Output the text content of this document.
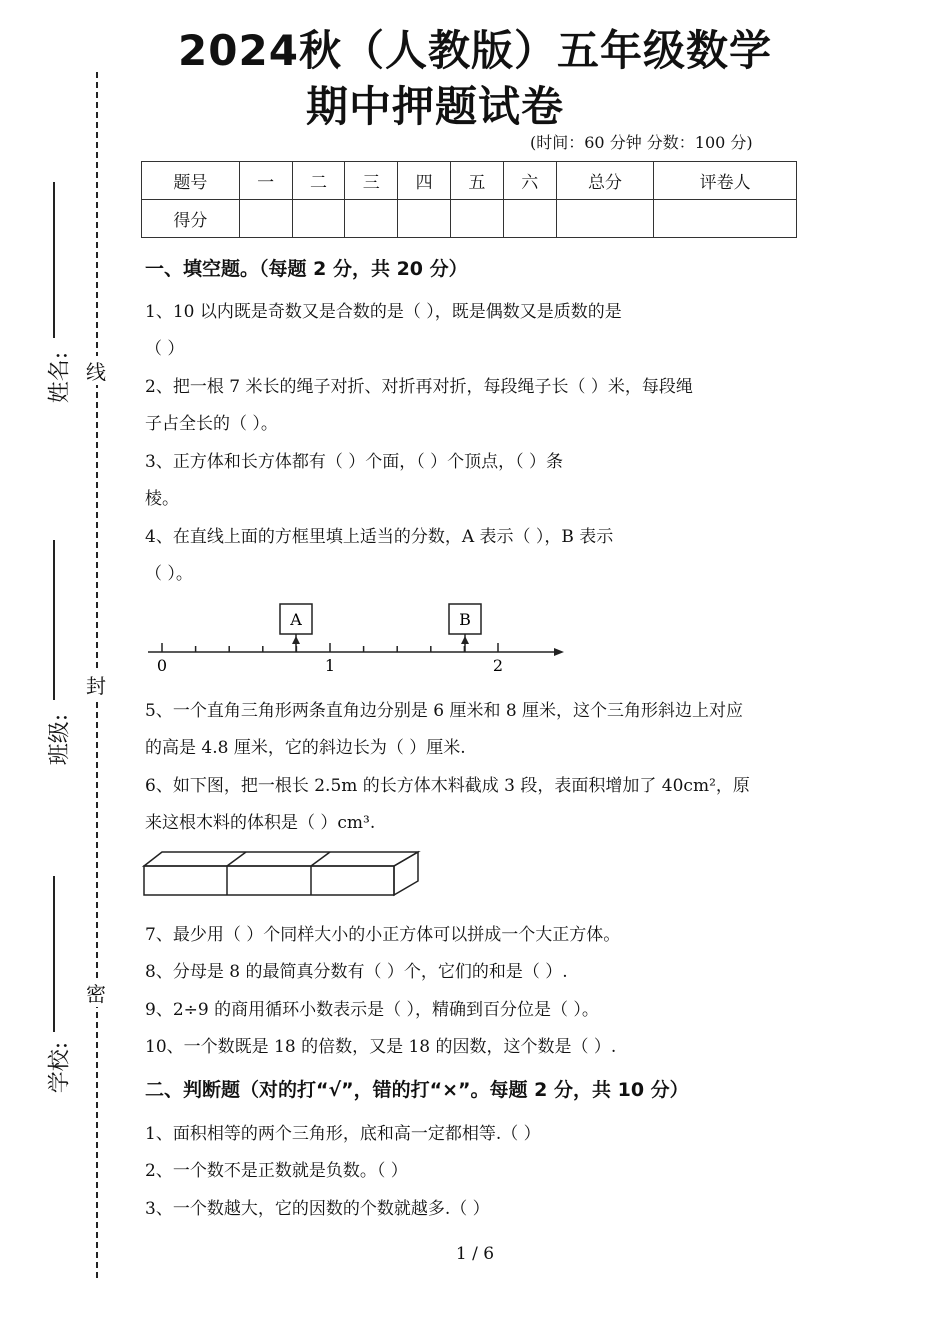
2024秋（人教版）五年级数学
期中押题试卷
(时间：60 分钟 分数：100 分)
线
封
密
姓名:
班级:
学校:
题号	一	二	三	四	五	六	总分	评卷人
得分								
一、填空题。（每题 2 分，共 20 分）
1、10 以内既是奇数又是合数的是（ ），既是偶数又是质数的是
（ ）
2、把一根 7 米长的绳子对折、对折再对折，每段绳子长（ ）米，每段绳
子占全长的（ ）。
3、正方体和长方体都有（ ）个面，（ ）个顶点，（ ）条
棱。
4、在直线上面的方框里填上适当的分数，A 表示（ ），B 表示
（ ）。
0	1	2
A	B
5、一个直角三角形两条直角边分别是 6 厘米和 8 厘米，这个三角形斜边上对应
的高是 4.8 厘米，它的斜边长为（ ）厘米.
6、如下图，把一根长 2.5m 的长方体木料截成 3 段，表面积增加了 40cm²，原
来这根木料的体积是（ ）cm³.
7、最少用（ ）个同样大小的小正方体可以拼成一个大正方体。
8、分母是 8 的最简真分数有（ ）个，它们的和是（ ）.
9、2÷9 的商用循环小数表示是（ ），精确到百分位是（ ）。
10、一个数既是 18 的倍数，又是 18 的因数，这个数是（ ）.
二、判断题（对的打“√”，错的打“×”。每题 2 分，共 10 分）
1、面积相等的两个三角形，底和高一定都相等.（ ）
2、一个数不是正数就是负数。（ ）
3、一个数越大，它的因数的个数就越多.（ ）
1 / 6
